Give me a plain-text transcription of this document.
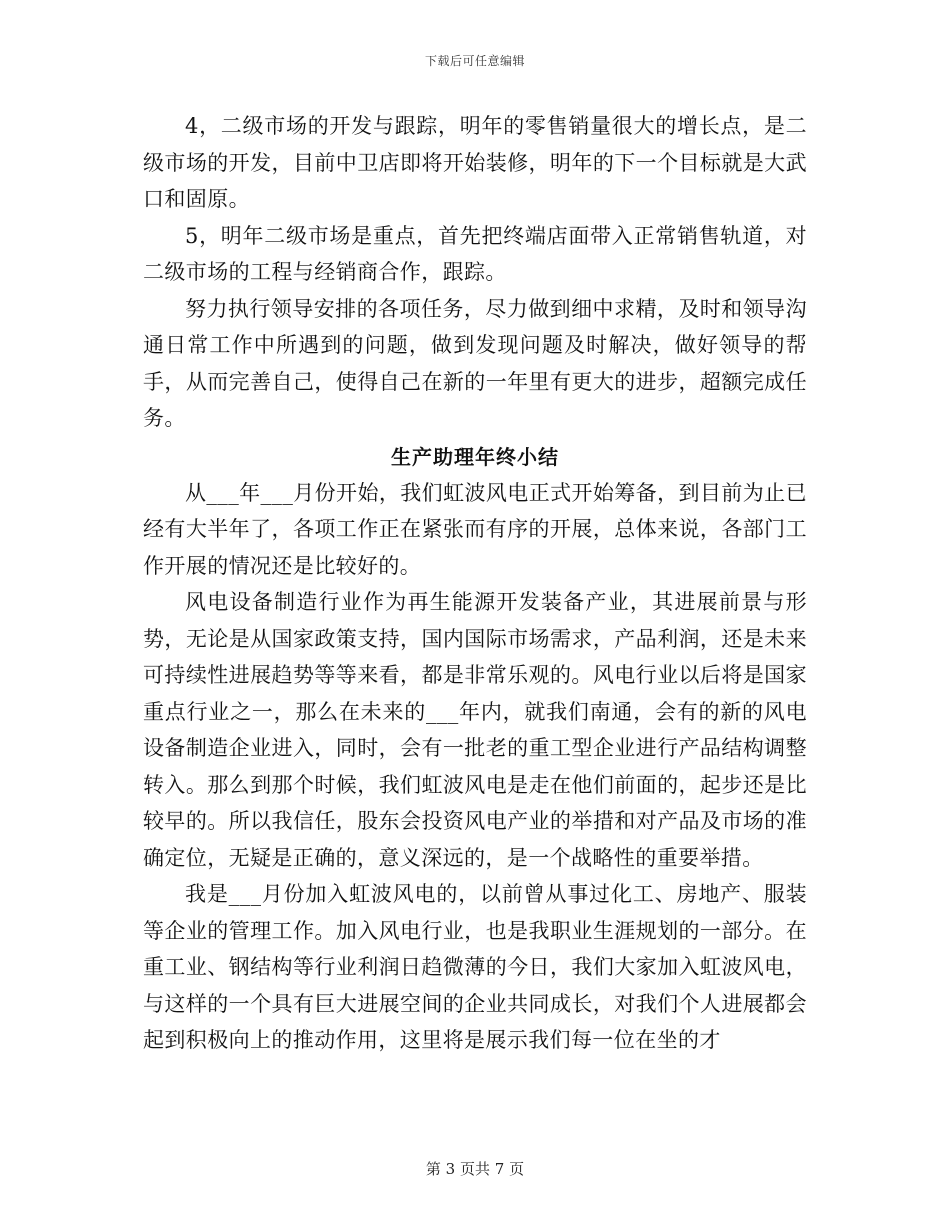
下载后可任意编辑

4，二级市场的开发与跟踪，明年的零售销量很大的增长点，是二级市场的开发，目前中卫店即将开始装修，明年的下一个目标就是大武口和固原。

5，明年二级市场是重点，首先把终端店面带入正常销售轨道，对二级市场的工程与经销商合作，跟踪。

努力执行领导安排的各项任务，尽力做到细中求精，及时和领导沟通日常工作中所遇到的问题，做到发现问题及时解决，做好领导的帮手，从而完善自己，使得自己在新的一年里有更大的进步，超额完成任务。

生产助理年终小结

从___年___月份开始，我们虹波风电正式开始筹备，到目前为止已经有大半年了，各项工作正在紧张而有序的开展，总体来说，各部门工作开展的情况还是比较好的。

风电设备制造行业作为再生能源开发装备产业，其进展前景与形势，无论是从国家政策支持，国内国际市场需求，产品利润，还是未来可持续性进展趋势等等来看，都是非常乐观的。风电行业以后将是国家重点行业之一，那么在未来的___年内，就我们南通，会有的新的风电设备制造企业进入，同时，会有一批老的重工型企业进行产品结构调整转入。那么到那个时候，我们虹波风电是走在他们前面的，起步还是比较早的。所以我信任，股东会投资风电产业的举措和对产品及市场的准确定位，无疑是正确的，意义深远的，是一个战略性的重要举措。

我是___月份加入虹波风电的，以前曾从事过化工、房地产、服装等企业的管理工作。加入风电行业，也是我职业生涯规划的一部分。在重工业、钢结构等行业利润日趋微薄的今日，我们大家加入虹波风电，与这样的一个具有巨大进展空间的企业共同成长，对我们个人进展都会起到积极向上的推动作用，这里将是展示我们每一位在坐的才

第 3 页共 7 页
